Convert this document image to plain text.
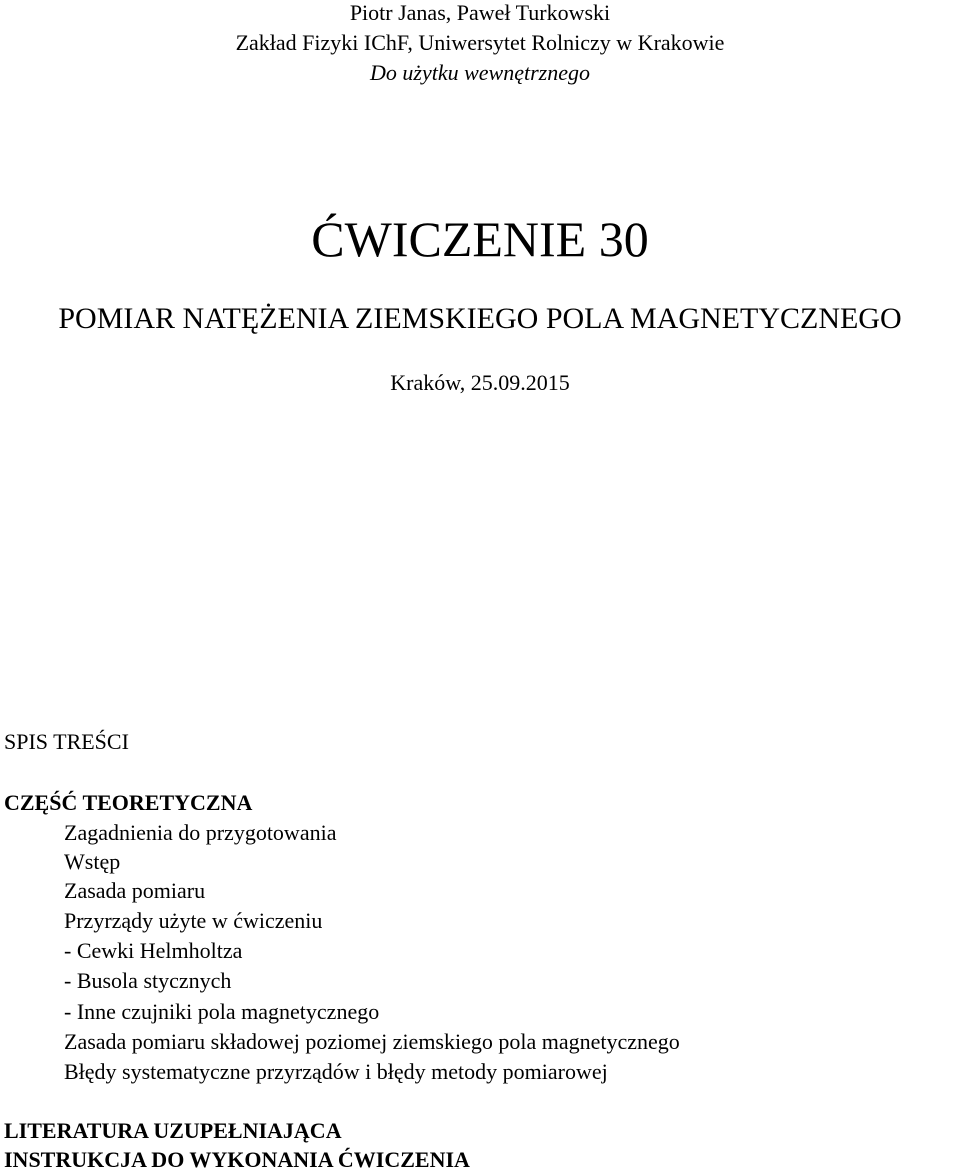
Piotr Janas, Paweł Turkowski
Zakład Fizyki IChF, Uniwersytet Rolniczy w Krakowie
Do użytku wewnętrznego
ĆWICZENIE 30
POMIAR NATĘŻENIA ZIEMSKIEGO POLA MAGNETYCZNEGO
Kraków, 25.09.2015
SPIS TREŚCI
CZĘŚĆ TEORETYCZNA
Zagadnienia do przygotowania
Wstęp
Zasada pomiaru
Przyrządy użyte w ćwiczeniu
- Cewki Helmholtza
- Busola stycznych
- Inne czujniki pola magnetycznego
Zasada pomiaru składowej poziomej ziemskiego pola magnetycznego
Błędy systematyczne przyrządów i błędy metody pomiarowej
LITERATURA UZUPEŁNIAJĄCA
INSTRUKCJA DO WYKONANIA ĆWICZENIA
